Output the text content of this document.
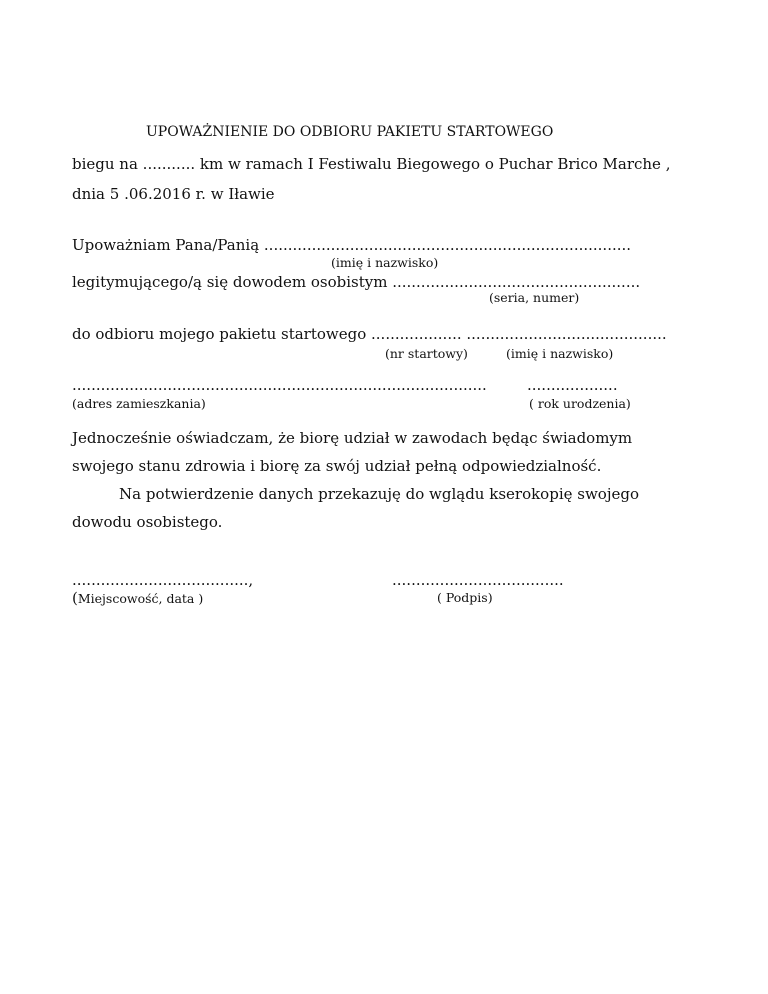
UPOWAŻNIENIE DO ODBIORU PAKIETU STARTOWEGO
biegu na ........... km w ramach I Festiwalu Biegowego o Puchar Brico Marche ,
dnia 5 .06.2016 r. w Iławie
Upoważniam Pana/Panią .............................................................................
(imię i nazwisko)
legitymującego/ą się dowodem osobistym ....................................................
(seria, numer)
do odbioru mojego pakietu startowego ................... ..........................................
(nr startowy)	(imię i nazwisko)
.......................................................................................	...................
(adres zamieszkania)	( rok urodzenia)
Jednocześnie oświadczam, że biorę udział w zawodach będąc świadomym
swojego stanu zdrowia i biorę za swój udział pełną odpowiedzialność.
Na potwierdzenie danych przekazuję do wglądu kserokopię swojego
dowodu osobistego.
.....................................,	....................................
(Miejscowość, data )	( Podpis)
